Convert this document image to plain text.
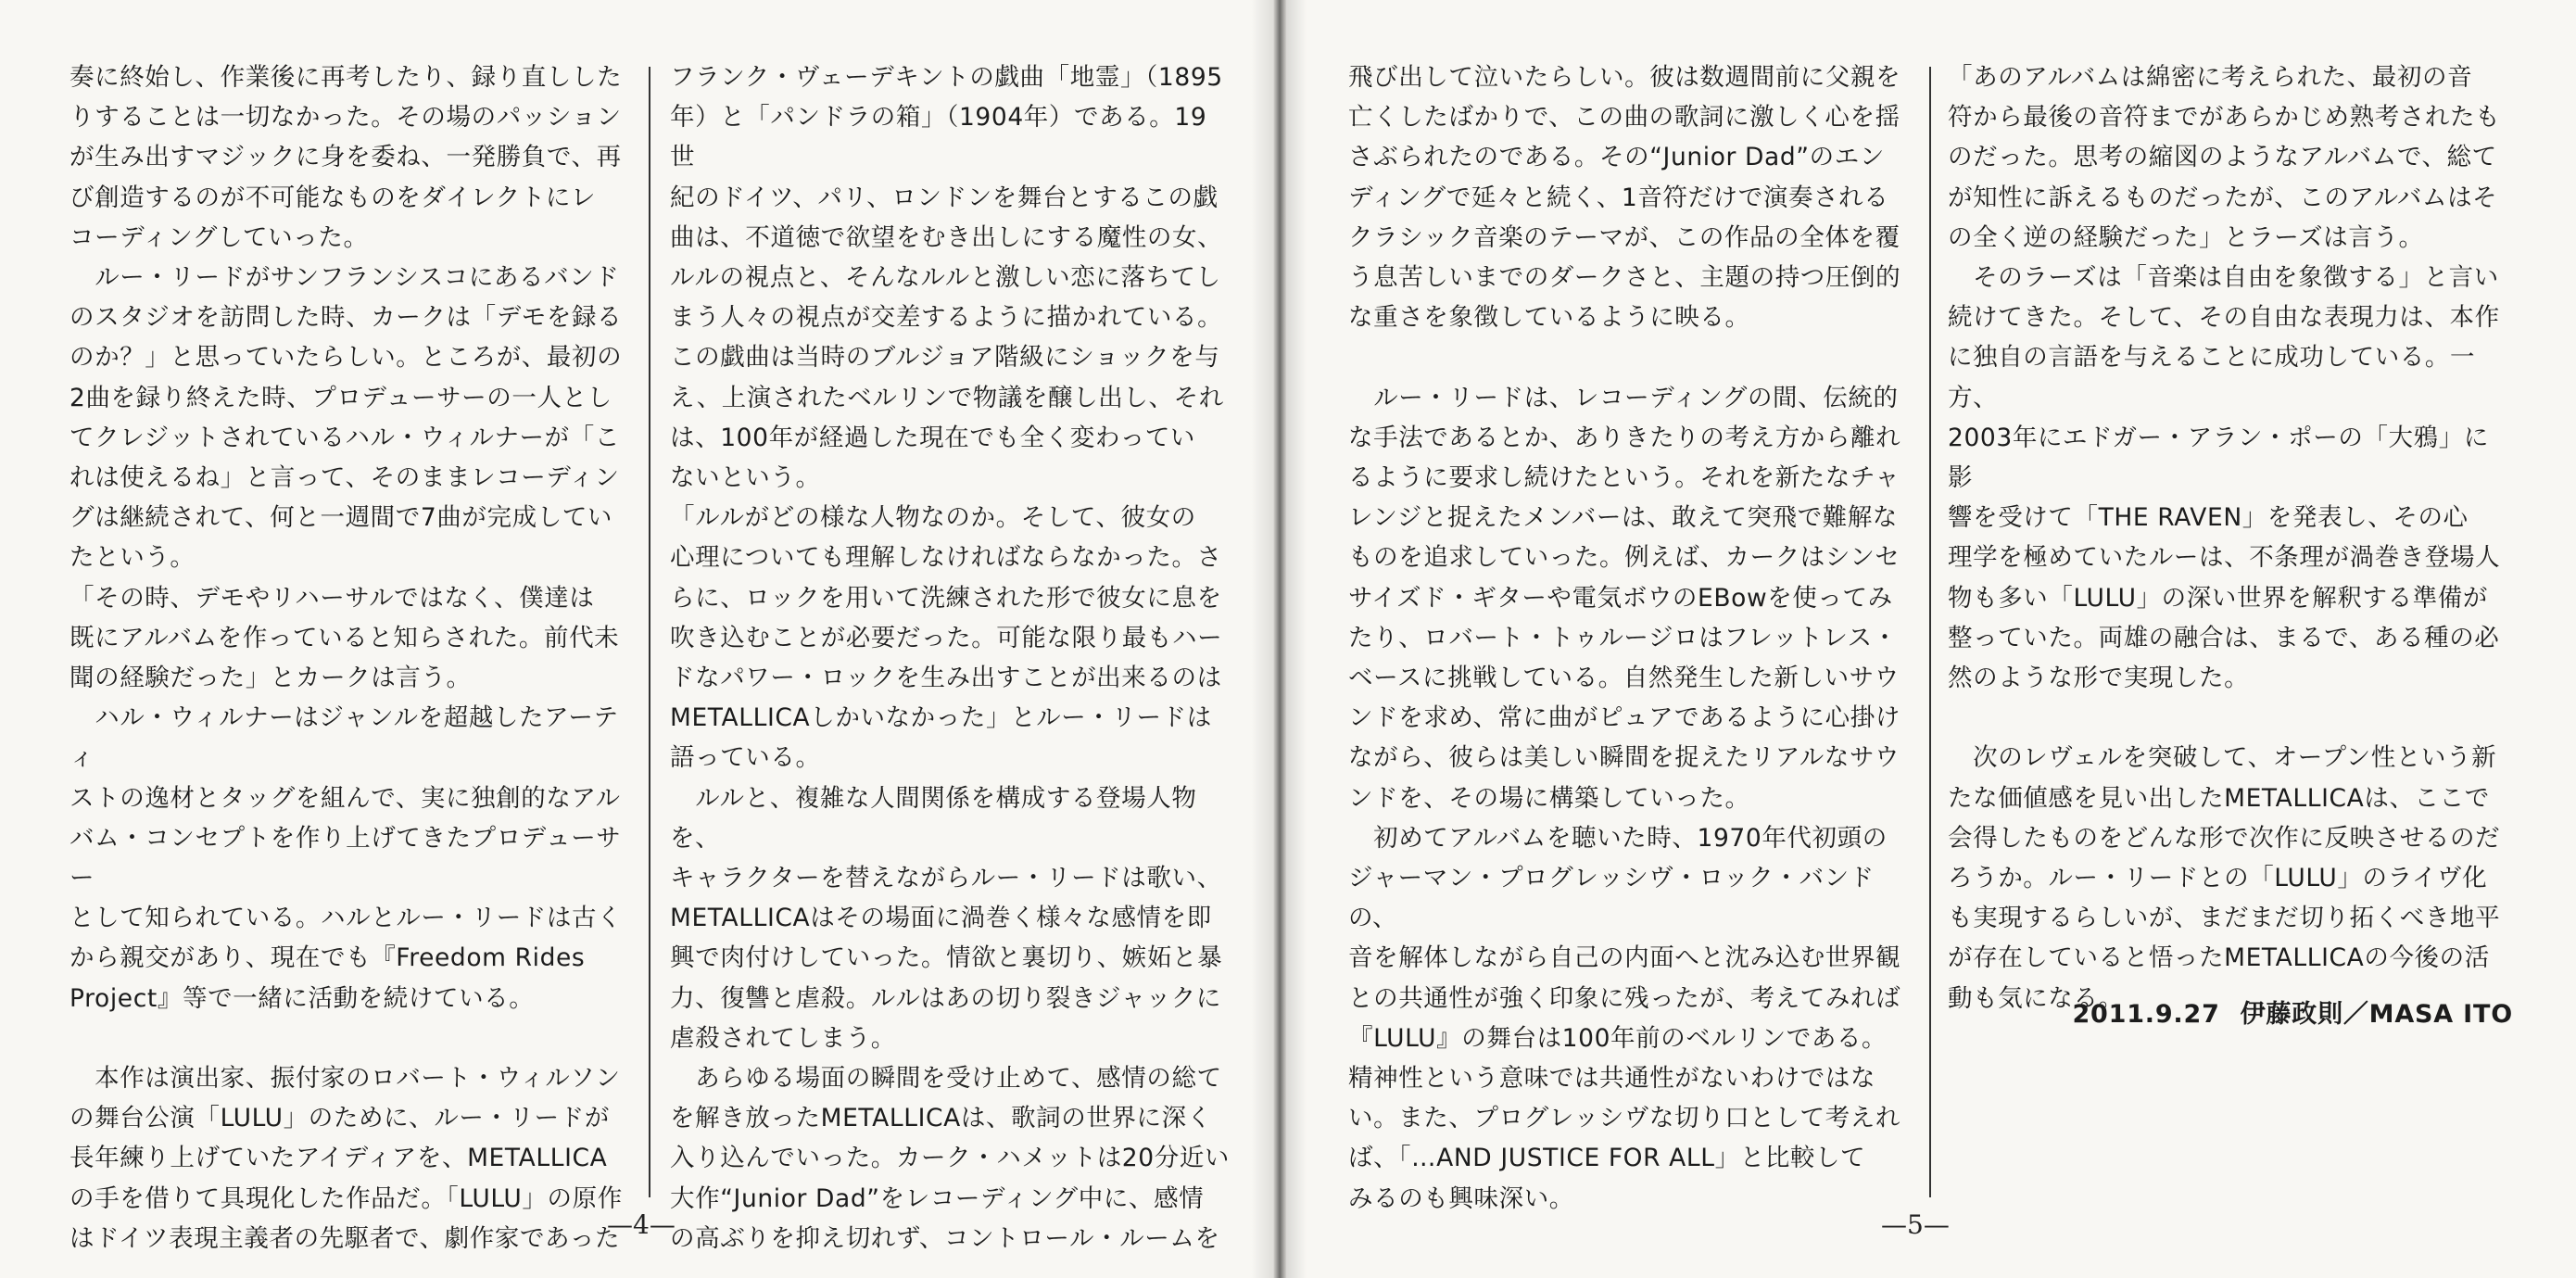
奏に終始し、作業後に再考したり、録り直しした

りすることは一切なかった。その場のパッション

が生み出すマジックに身を委ね、一発勝負で、再

び創造するのが不可能なものをダイレクトにレ

コーディングしていった。

　ルー・リードがサンフランシスコにあるバンド

のスタジオを訪問した時、カークは「デモを録る

のか？」と思っていたらしい。ところが、最初の

2曲を録り終えた時、プロデューサーの一人とし

てクレジットされているハル・ウィルナーが「こ

れは使えるね」と言って、そのままレコーディン

グは継続されて、何と一週間で7曲が完成してい

たという。

「その時、デモやリハーサルではなく、僕達は

既にアルバムを作っていると知らされた。前代未

聞の経験だった」とカークは言う。

　ハル・ウィルナーはジャンルを超越したアーティ

ストの逸材とタッグを組んで、実に独創的なアル

バム・コンセプトを作り上げてきたプロデューサー

として知られている。ハルとルー・リードは古く

から親交があり、現在でも『Freedom Rides

Project』等で一緒に活動を続けている。

　本作は演出家、振付家のロバート・ウィルソン

の舞台公演「LULU」のために、ルー・リードが

長年練り上げていたアイディアを、METALLICA

の手を借りて具現化した作品だ。「LULU」の原作

はドイツ表現主義者の先駆者で、劇作家であった

フランク・ヴェーデキントの戯曲「地霊」（1895

年）と「パンドラの箱」（1904年）である。19世

紀のドイツ、パリ、ロンドンを舞台とするこの戯

曲は、不道徳で欲望をむき出しにする魔性の女、

ルルの視点と、そんなルルと激しい恋に落ちてし

まう人々の視点が交差するように描かれている。

この戯曲は当時のブルジョア階級にショックを与

え、上演されたベルリンで物議を醸し出し、それ

は、100年が経過した現在でも全く変わってい

ないという。

「ルルがどの様な人物なのか。そして、彼女の

心理についても理解しなければならなかった。さ

らに、ロックを用いて洗練された形で彼女に息を

吹き込むことが必要だった。可能な限り最もハー

ドなパワー・ロックを生み出すことが出来るのは

METALLICAしかいなかった」とルー・リードは

語っている。

　ルルと、複雑な人間関係を構成する登場人物を、

キャラクターを替えながらルー・リードは歌い、

METALLICAはその場面に渦巻く様々な感情を即

興で肉付けしていった。情欲と裏切り、嫉妬と暴

力、復讐と虐殺。ルルはあの切り裂きジャックに

虐殺されてしまう。

　あらゆる場面の瞬間を受け止めて、感情の総て

を解き放ったMETALLICAは、歌詞の世界に深く

入り込んでいった。カーク・ハメットは20分近い

大作“Junior Dad”をレコーディング中に、感情

の高ぶりを抑え切れず、コントロール・ルームを

飛び出して泣いたらしい。彼は数週間前に父親を

亡くしたばかりで、この曲の歌詞に激しく心を揺

さぶられたのである。その“Junior Dad”のエン

ディングで延々と続く、1音符だけで演奏される

クラシック音楽のテーマが、この作品の全体を覆

う息苦しいまでのダークさと、主題の持つ圧倒的

な重さを象徴しているように映る。

　ルー・リードは、レコーディングの間、伝統的

な手法であるとか、ありきたりの考え方から離れ

るように要求し続けたという。それを新たなチャ

レンジと捉えたメンバーは、敢えて突飛で難解な

ものを追求していった。例えば、カークはシンセ

サイズド・ギターや電気ボウのEBowを使ってみ

たり、ロバート・トゥルージロはフレットレス・

ベースに挑戦している。自然発生した新しいサウ

ンドを求め、常に曲がピュアであるように心掛け

ながら、彼らは美しい瞬間を捉えたリアルなサウ

ンドを、その場に構築していった。

　初めてアルバムを聴いた時、1970年代初頭の

ジャーマン・プログレッシヴ・ロック・バンドの、

音を解体しながら自己の内面へと沈み込む世界観

との共通性が強く印象に残ったが、考えてみれば

『LULU』の舞台は100年前のベルリンである。

精神性という意味では共通性がないわけではな

い。また、プログレッシヴな切り口として考えれ

ば、「…AND JUSTICE FOR ALL」と比較して

みるのも興味深い。

「あのアルバムは綿密に考えられた、最初の音

符から最後の音符までがあらかじめ熟考されたも

のだった。思考の縮図のようなアルバムで、総て

が知性に訴えるものだったが、このアルバムはそ

の全く逆の経験だった」とラーズは言う。

　そのラーズは「音楽は自由を象徴する」と言い

続けてきた。そして、その自由な表現力は、本作

に独自の言語を与えることに成功している。一方、

2003年にエドガー・アラン・ポーの「大鴉」に影

響を受けて「THE RAVEN」を発表し、その心

理学を極めていたルーは、不条理が渦巻き登場人

物も多い「LULU」の深い世界を解釈する準備が

整っていた。両雄の融合は、まるで、ある種の必

然のような形で実現した。

　次のレヴェルを突破して、オープン性という新

たな価値感を見い出したMETALLICAは、ここで

会得したものをどんな形で次作に反映させるのだ

ろうか。ルー・リードとの「LULU」のライヴ化

も実現するらしいが、まだまだ切り拓くべき地平

が存在していると悟ったMETALLICAの今後の活

動も気になる。

2011.9.27 伊藤政則／MASA ITO
—4—	—5—
